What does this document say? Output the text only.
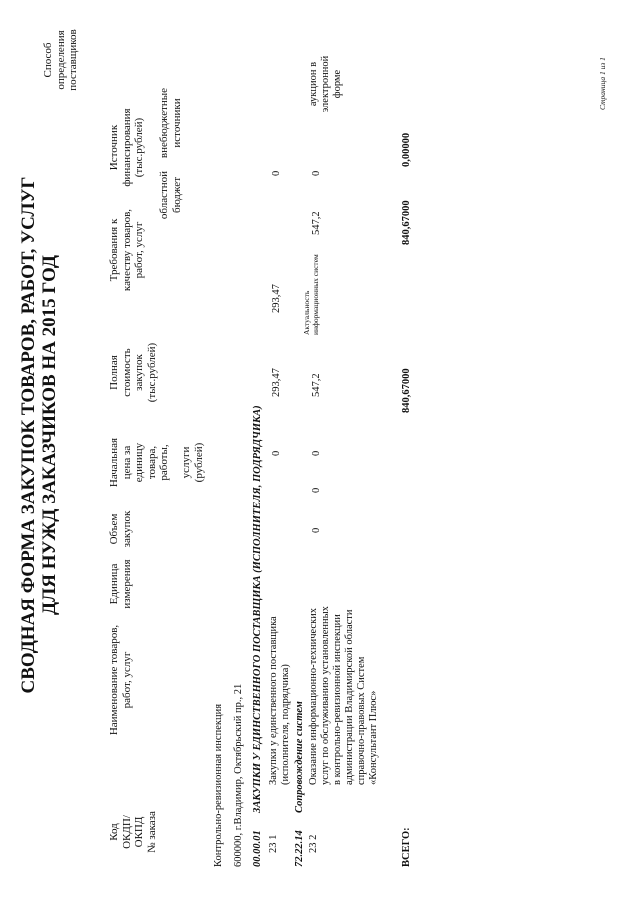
СВОДНАЯ ФОРМА ЗАКУПОК ТОВАРОВ, РАБОТ, УСЛУГ ДЛЯ НУЖД ЗАКАЗЧИКОВ НА 2015 ГОД
Код
ОКДП/
ОКПД
№ заказа
Наименование товаров,
работ, услуг
Единица
измерения
Объем
закупок
Начальная
цена за
единицу
товара,
работы, услуги
(рублей)
Полная
стоимость
закупок
(тыс.рублей)
Требования к
качеству товаров,
работ, услуг
Источник
финансирования
(тыс.рублей)
областной
бюджет
внебюджетные
источники
Способ
определения
поставщиков
Контрольно-ревизионная инспекция 600000, г.Владимир, Октябрьский пр., 21 00.00.01
ЗАКУПКИ У ЕДИНСТВЕННОГО ПОСТАВЩИКА (ИСПОЛНИТЕЛЯ, ПОДРЯДЧИКА)
23 1
Закупки у единственного поставщика
(исполнителя, подрядчика)
0
293,47
293,47
0
72.22.14
Сопровождение систем
23 2
Оказание информационно-технических
услуг по обслуживанию установленных
в контрольно-ревизионной инспекции
администрации Владимирской области
справочно-правовых Систем
«Консультант Плюс»
0
0
0
547,2
Актуальность
информационных систем
547,2
0
аукцион в
электронной
форме
ВСЕГО:
840,67000
840,67000
0,00000
Страница 1 из 1
